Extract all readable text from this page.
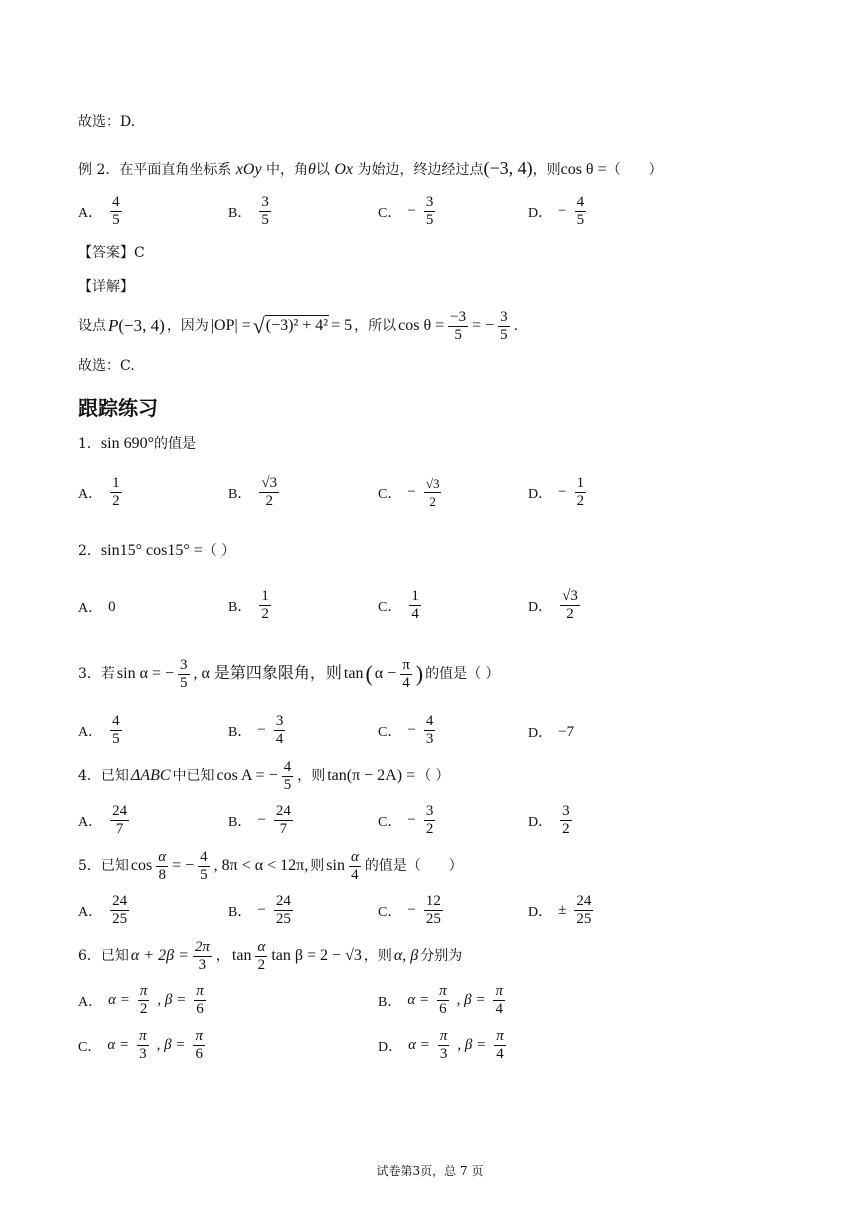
故选：D.
例 2．在平面直角坐标系 xOy 中，角θ以 Ox 为始边，终边经过点(−3, 4)，则cos θ =（　　）
A． $\frac{4}{5}$	B． $\frac{3}{5}$	C． − $\frac{3}{5}$	D． − $\frac{4}{5}$
【答案】C
【详解】
设点 P(−3, 4) ，因为 |OP| = √ (−3)² + 4² = 5 ，所以 $\cos \theta = \frac{-3}{5}$ = − $\frac{3}{5}$ .
故选：C.
跟踪练习
1．sin 690°的值是
A． $\frac{1}{2}$	B． $\frac{√3}{2}$	C． − $\frac{√3}{2}$	D． − $\frac{1}{2}$
2．sin15° cos15° =（ ）
A． 0	B． $\frac{1}{2}$	C． $\frac{1}{4}$	D． $\frac{√3}{2}$
3．若 sin α = − $\frac{3}{5}$ , α 是第四象限角，则 tan ( $\alpha - \frac{\pi}{4}$ ) 的值是（ ）
A． $\frac{4}{5}$	B． − $\frac{3}{4}$	C． − $\frac{4}{3}$	D． −7
4．已知 ΔABC 中已知 cos A = − $\frac{4}{5}$ ，则 tan(π − 2A) = （ ）
A． $\frac{24}{7}$	B． − $\frac{24}{7}$	C． − $\frac{3}{2}$	D． $\frac{3}{2}$
5．已知 $\cos \frac{\alpha}{8}$ = − $\frac{4}{5}$ , 8π < α < 12π, 则 $\sin \frac{\alpha}{4}$ 的值是（　　）
A． $\frac{24}{25}$	B． − $\frac{24}{25}$	C． − $\frac{12}{25}$	D． ± $\frac{24}{25}$
6．已知 $\alpha + 2\beta = \frac{2\pi}{3}$ ， $\tan \frac{\alpha}{2}$ tan β = 2 − √3 ，则 α, β 分别为
A． $\alpha = \frac{\pi}{2}$ , $\beta = \frac{\pi}{6}$	B． $\alpha = \frac{\pi}{6}$ , $\beta = \frac{\pi}{4}$
C． $\alpha = \frac{\pi}{3}$ , $\beta = \frac{\pi}{6}$	D． $\alpha = \frac{\pi}{3}$ , $\beta = \frac{\pi}{4}$
试卷第3页，总 7 页
